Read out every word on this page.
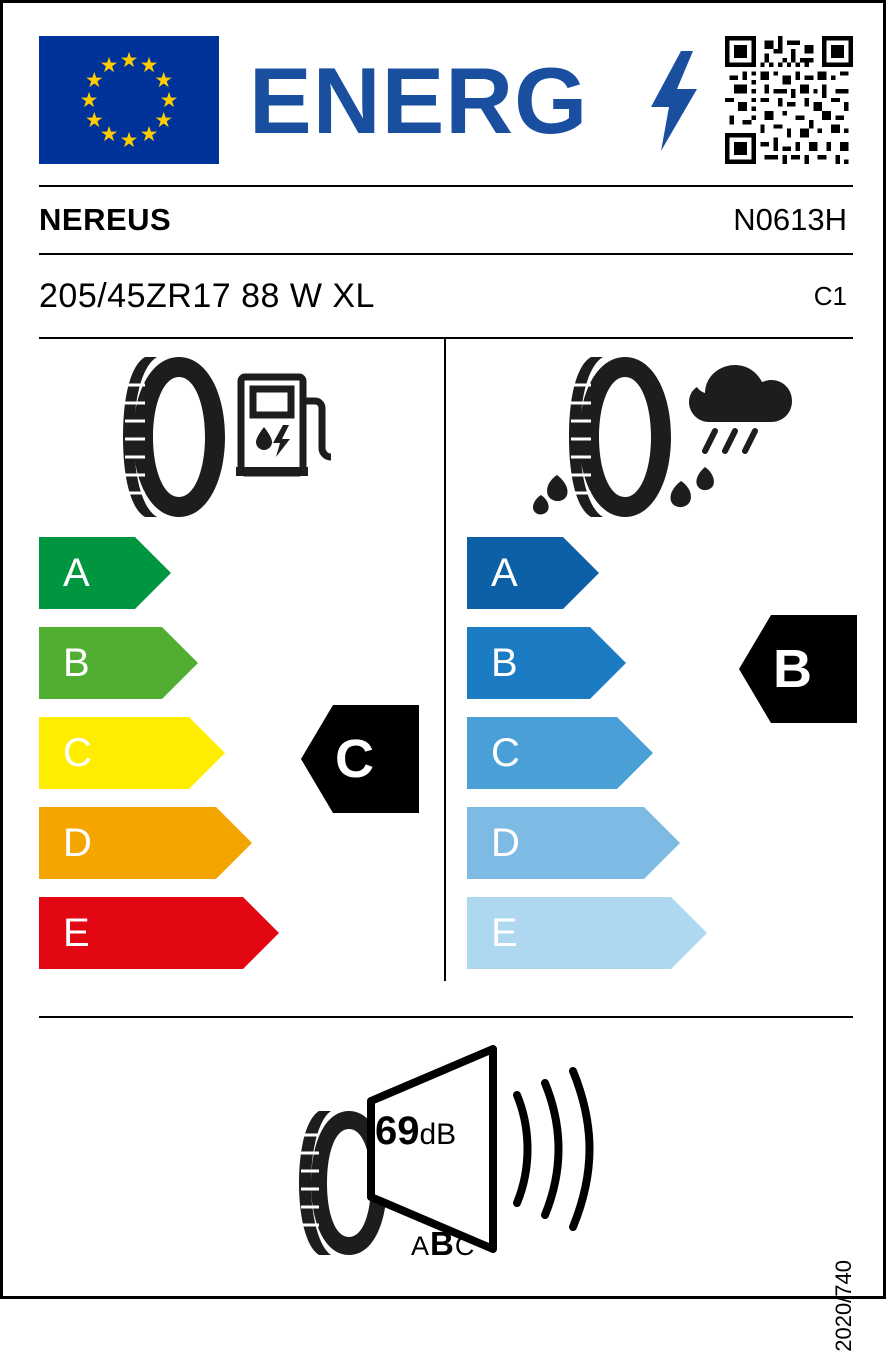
★ ★
★
★
★
★
★
★
★
★
★
★ ENERG
NEREUS	N0613H
205/45ZR17 88 W XL	C1
A
B
C
D
E
C
A
B
C
D
E
B
69dB
ABC
2020/740
